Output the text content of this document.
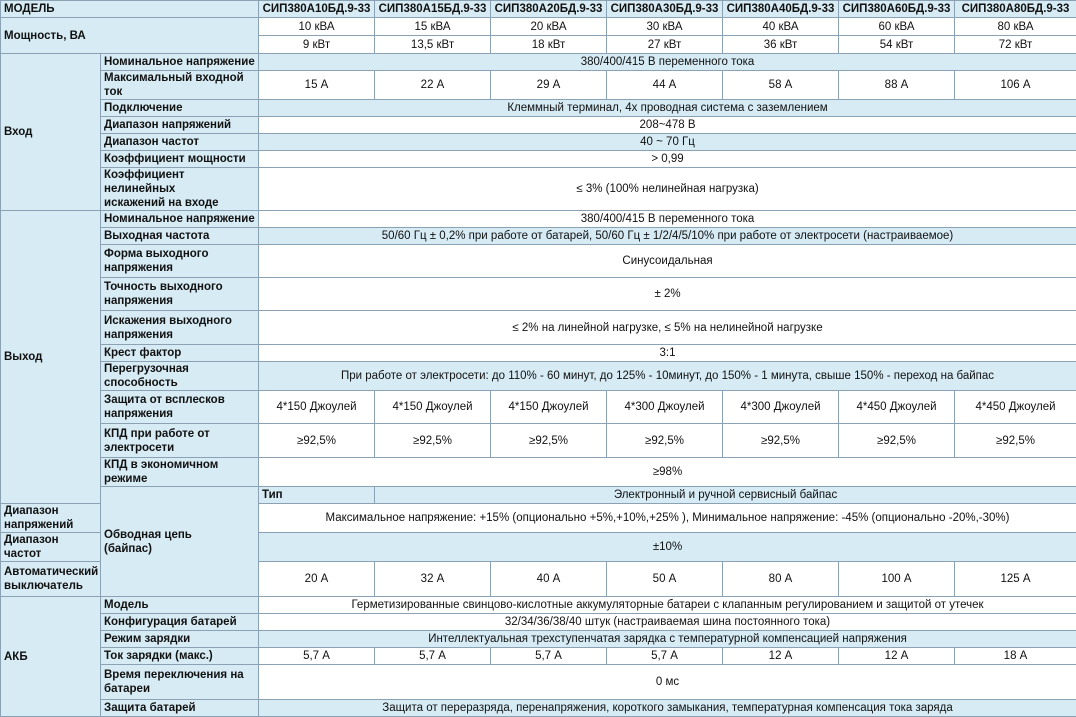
МОДЕЛЬ		СИП380А10БД.9-33	СИП380А15БД.9-33	СИП380А20БД.9-33	СИП380А30БД.9-33	СИП380А40БД.9-33	СИП380А60БД.9-33	СИП380А80БД.9-33
Мощность, ВА		10 кВА	15 кВА	20 кВА	30 кВА	40 кВА	60 кВА	80 кВА
		9 кВт	13,5 кВт	18 кВт	27 кВт	36 кВт	54 кВт	72 кВт
Вход	Номинальное напряжение	380/400/415 В переменного тока						
	Максимальный входной ток	15 А	22 А	29 А	44 А	58 А	88 А	106 А
	Подключение	Клеммный терминал, 4х проводная система с заземлением						
	Диапазон напряжений	208~478 В						
	Диапазон частот	40 ~ 70 Гц						
	Коэффициент мощности	> 0,99						
	Коэффициент нелинейных
искажений на входе	≤ 3% (100% нелинейная нагрузка)						
Выход	Номинальное напряжение	380/400/415 В переменного тока						
	Выходная частота	50/60 Гц ± 0,2% при работе от батарей, 50/60 Гц ± 1/2/4/5/10% при работе от электросети (настраиваемое)						
	Форма выходного
напряжения	Синусоидальная						
	Точность выходного
напряжения	± 2%						
	Искажения выходного
напряжения	≤ 2% на линейной нагрузке, ≤ 5% на нелинейной нагрузке						
	Крест фактор	3:1						
	Перегрузочная способность	При работе от электросети: до 110% - 60 минут, до 125% - 10минут, до 150% - 1 минута, свыше 150% - переход на байпас						
	Защита от всплесков
напряжения	4*150 Джоулей	4*150 Джоулей	4*150 Джоулей	4*300 Джоулей	4*300 Джоулей	4*450 Джоулей	4*450 Джоулей
	КПД при работе от
электросети	≥92,5%	≥92,5%	≥92,5%	≥92,5%	≥92,5%	≥92,5%	≥92,5%
	КПД в экономичном режиме	≥98%						
	Обводная цепь
(байпас)	Тип	Электронный и ручной сервисный байпас					
Диапазон напряжений		Максимальное напряжение: +15% (опционально +5%,+10%,+25% ), Минимальное напряжение: -45% (опционально -20%,-30%)						
Диапазон частот		±10%						
Автоматический
выключатель		20 А	32 А	40 А	50 А	80 А	100 А	125 А
АКБ	Модель	Герметизированные свинцово-кислотные аккумуляторные батареи с клапанным регулированием и защитой от утечек						
	Конфигурация батарей	32/34/36/38/40 штук (настраиваемая шина постоянного тока)						
	Режим зарядки	Интеллектуальная трехступенчатая зарядка с температурной компенсацией напряжения						
	Ток зарядки (макс.)	5,7 А	5,7 А	5,7 А	5,7 А	12 А	12 А	18 А
	Время переключения на
батареи	0 мс						
	Защита батарей	Защита от переразряда, перенапряжения, короткого замыкания, температурная компенсация тока заряда						
